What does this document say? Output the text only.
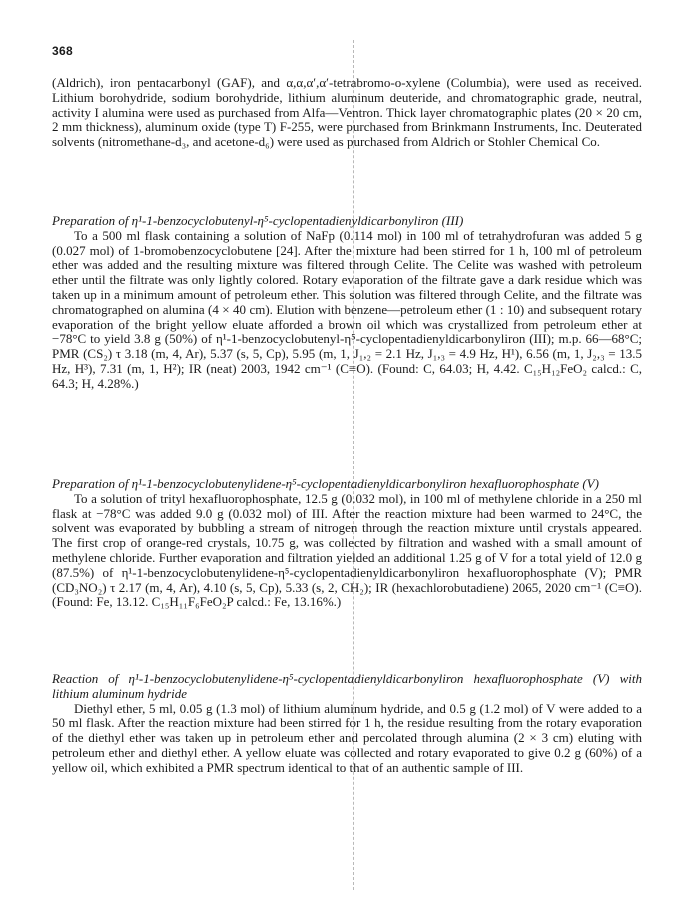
368

(Aldrich), iron pentacarbonyl (GAF), and α,α,α′,α′-tetrabromo-o-xylene (Columbia), were used as received. Lithium borohydride, sodium borohydride, lithium aluminum deuteride, and chromatographic grade, neutral, activity I alumina were used as purchased from Alfa—Ventron. Thick layer chromatographic plates (20 × 20 cm, 2 mm thickness), aluminum oxide (type T) F-255, were purchased from Brinkmann Instruments, Inc. Deuterated solvents (nitromethane-d₃, and acetone-d₆) were used as purchased from Aldrich or Stohler Chemical Co.

Preparation of η¹-1-benzocyclobutenyl-η⁵-cyclopentadienyldicarbonyliron (III)

To a 500 ml flask containing a solution of NaFp (0.114 mol) in 100 ml of tetrahydrofuran was added 5 g (0.027 mol) of 1-bromobenzocyclobutene [24]. After the mixture had been stirred for 1 h, 100 ml of petroleum ether was added and the resulting mixture was filtered through Celite. The Celite was washed with petroleum ether until the filtrate was only lightly colored. Rotary evaporation of the filtrate gave a dark residue which was taken up in a minimum amount of petroleum ether. This solution was filtered through Celite, and the filtrate was chromatographed on alumina (4 × 40 cm). Elution with benzene—petroleum ether (1 : 10) and subsequent rotary evaporation of the bright yellow eluate afforded a brown oil which was crystallized from petroleum ether at −78°C to yield 3.8 g (50%) of η¹-1-benzocyclobutenyl-η⁵-cyclopentadienyldicarbonyliron (III); m.p. 66—68°C; PMR (CS₂) τ 3.18 (m, 4, Ar), 5.37 (s, 5, Cp), 5.95 (m, 1, J₁,₂ = 2.1 Hz, J₁,₃ = 4.9 Hz, H¹), 6.56 (m, 1, J₂,₃ = 13.5 Hz, H³), 7.31 (m, 1, H²); IR (neat) 2003, 1942 cm⁻¹ (C≡O). (Found: C, 64.03; H, 4.42. C₁₅H₁₂FeO₂ calcd.: C, 64.3; H, 4.28%.)

Preparation of η¹-1-benzocyclobutenylidene-η⁵-cyclopentadienyldicarbonyliron hexafluorophosphate (V)

To a solution of trityl hexafluorophosphate, 12.5 g (0.032 mol), in 100 ml of methylene chloride in a 250 ml flask at −78°C was added 9.0 g (0.032 mol) of III. After the reaction mixture had been warmed to 24°C, the solvent was evaporated by bubbling a stream of nitrogen through the reaction mixture until crystals appeared. The first crop of orange-red crystals, 10.75 g, was collected by filtration and washed with a small amount of methylene chloride. Further evaporation and filtration yielded an additional 1.25 g of V for a total yield of 12.0 g (87.5%) of η¹-1-benzocyclobutenylidene-η⁵-cyclopentadienyldicarbonyliron hexafluorophosphate (V); PMR (CD₃NO₂) τ 2.17 (m, 4, Ar), 4.10 (s, 5, Cp), 5.33 (s, 2, CH₂); IR (hexachlorobutadiene) 2065, 2020 cm⁻¹ (C≡O). (Found: Fe, 13.12. C₁₅H₁₁F₆FeO₂P calcd.: Fe, 13.16%.)

Reaction of η¹-1-benzocyclobutenylidene-η⁵-cyclopentadienyldicarbonyliron hexafluorophosphate (V) with lithium aluminum hydride

Diethyl ether, 5 ml, 0.05 g (1.3 mol) of lithium aluminum hydride, and 0.5 g (1.2 mol) of V were added to a 50 ml flask. After the reaction mixture had been stirred for 1 h, the residue resulting from the rotary evaporation of the diethyl ether was taken up in petroleum ether and percolated through alumina (2 × 3 cm) eluting with petroleum ether and diethyl ether. A yellow eluate was collected and rotary evaporated to give 0.2 g (60%) of a yellow oil, which exhibited a PMR spectrum identical to that of an authentic sample of III.
